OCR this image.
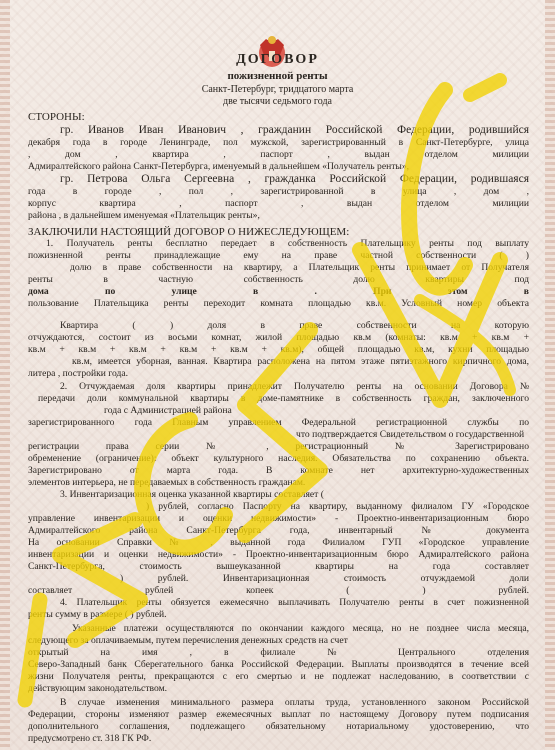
ДОГОВОР
пожизненной ренты
Санкт-Петербург, тридцатого марта
две тысячи седьмого года
СТОРОНЫ:
гр. Иванов Иван Иванович , гражданин Российской Федерации, родившийся
декабря года в городе Ленинграде, пол мужской, зарегистрированный в Санкт-Петербурге, улица
, дом , квартира , паспорт , выдан отделом милиции
Адмиралтейского района Санкт-Петербурга, именуемый в дальнейшем «Получатель ренты»,
гр. Петрова Ольга Сергеевна , гражданка Российской Федерации, родившаяся
года в городе , пол , зарегистрированной в улица , дом ,
корпус квартира , паспорт , выдан отделом милиции
района , в дальнейшем именуемая «Плательщик ренты»,
ЗАКЛЮЧИЛИ НАСТОЯЩИЙ ДОГОВОР О НИЖЕСЛЕДУЮЩЕМ:
1. Получатель ренты бесплатно передает в собственность Плательщику ренты под выплату
пожизненной ренты принадлежащие ему на праве частной собственности ( )
долю в праве собственности на квартиру, а Плательщик ренты принимает от Получателя
ренты в частную собственность долю квартиры под
дома по улице в . При этом в
пользование Плательщика ренты переходит комната площадью кв.м. Условный номер объекта
Квартира ( ) доля в праве собственности на которую
отчуждаются, состоит из восьми комнат, жилой площадью кв.м (комнаты: кв.м + кв.м +
кв.м + кв.м + кв.м + кв.м + кв.м + кв.м), общей площадью кв.м, кухни площадью
кв.м, имеется уборная, ванная. Квартира расположена на пятом этаже пятиэтажного кирпичного дома,
литера , постройки года.
2. Отчуждаемая доля квартиры принадлежит Получателю ренты на основании Договора №
передачи доли коммунальной квартиры в доме-памятнике в собственность граждан, заключенного
года с Администрацией района
зарегистрированного года Главным управлением Федеральной регистрационной службы по
что подтверждается Свидетельством о государственной
регистрации права серии № , регистрационный № Зарегистрировано
обременение (ограничение): объект культурного наследия. Обязательства по сохранению объекта.
Зарегистрировано от марта года. В комнате нет архитектурно-художественных
элементов интерьера, не передаваемых в собственность гражданам.
3. Инвентаризационная оценка указанной квартиры составляет (
) рублей, согласно Паспорту на квартиру, выданному филиалом ГУ «Городское
управление инвентаризации и оценки недвижимости» - Проектно-инвентаризационным бюро
Адмиралтейского района Санкт-Петербурга года, инвентарный № документа
На основании Справки № , выданной года Филиалом ГУП «Городское управление
инвентаризации и оценки недвижимости» - Проектно-инвентаризационным бюро Адмиралтейского района
Санкт-Петербурга, стоимость вышеуказанной квартиры на года составляет
) рублей. Инвентаризационная стоимость отчуждаемой доли
составляет рублей копеек ( ) рублей.
4. Плательщик ренты обязуется ежемесячно выплачивать Получателю ренты в счет пожизненной
ренты сумму в размере ( ) рублей.
Указанные платежи осуществляются по окончании каждого месяца, но не позднее числа месяца,
следующего за оплачиваемым, путем перечисления денежных средств на счет
открытый на имя , в филиале № Центрального отделения
Северо-Западный банк Сберегательного банка Российской Федерации. Выплаты производятся в течение всей
жизни Получателя ренты, прекращаются с его смертью и не подлежат наследованию, в соответствии с
действующим законодательством.
В случае изменения минимального размера оплаты труда, установленного законом Российской
Федерации, стороны изменяют размер ежемесячных выплат по настоящему Договору путем подписания
дополнительного соглашения, подлежащего обязательному нотариальному удостоверению, что
предусмотрено ст. 318 ГК РФ.
